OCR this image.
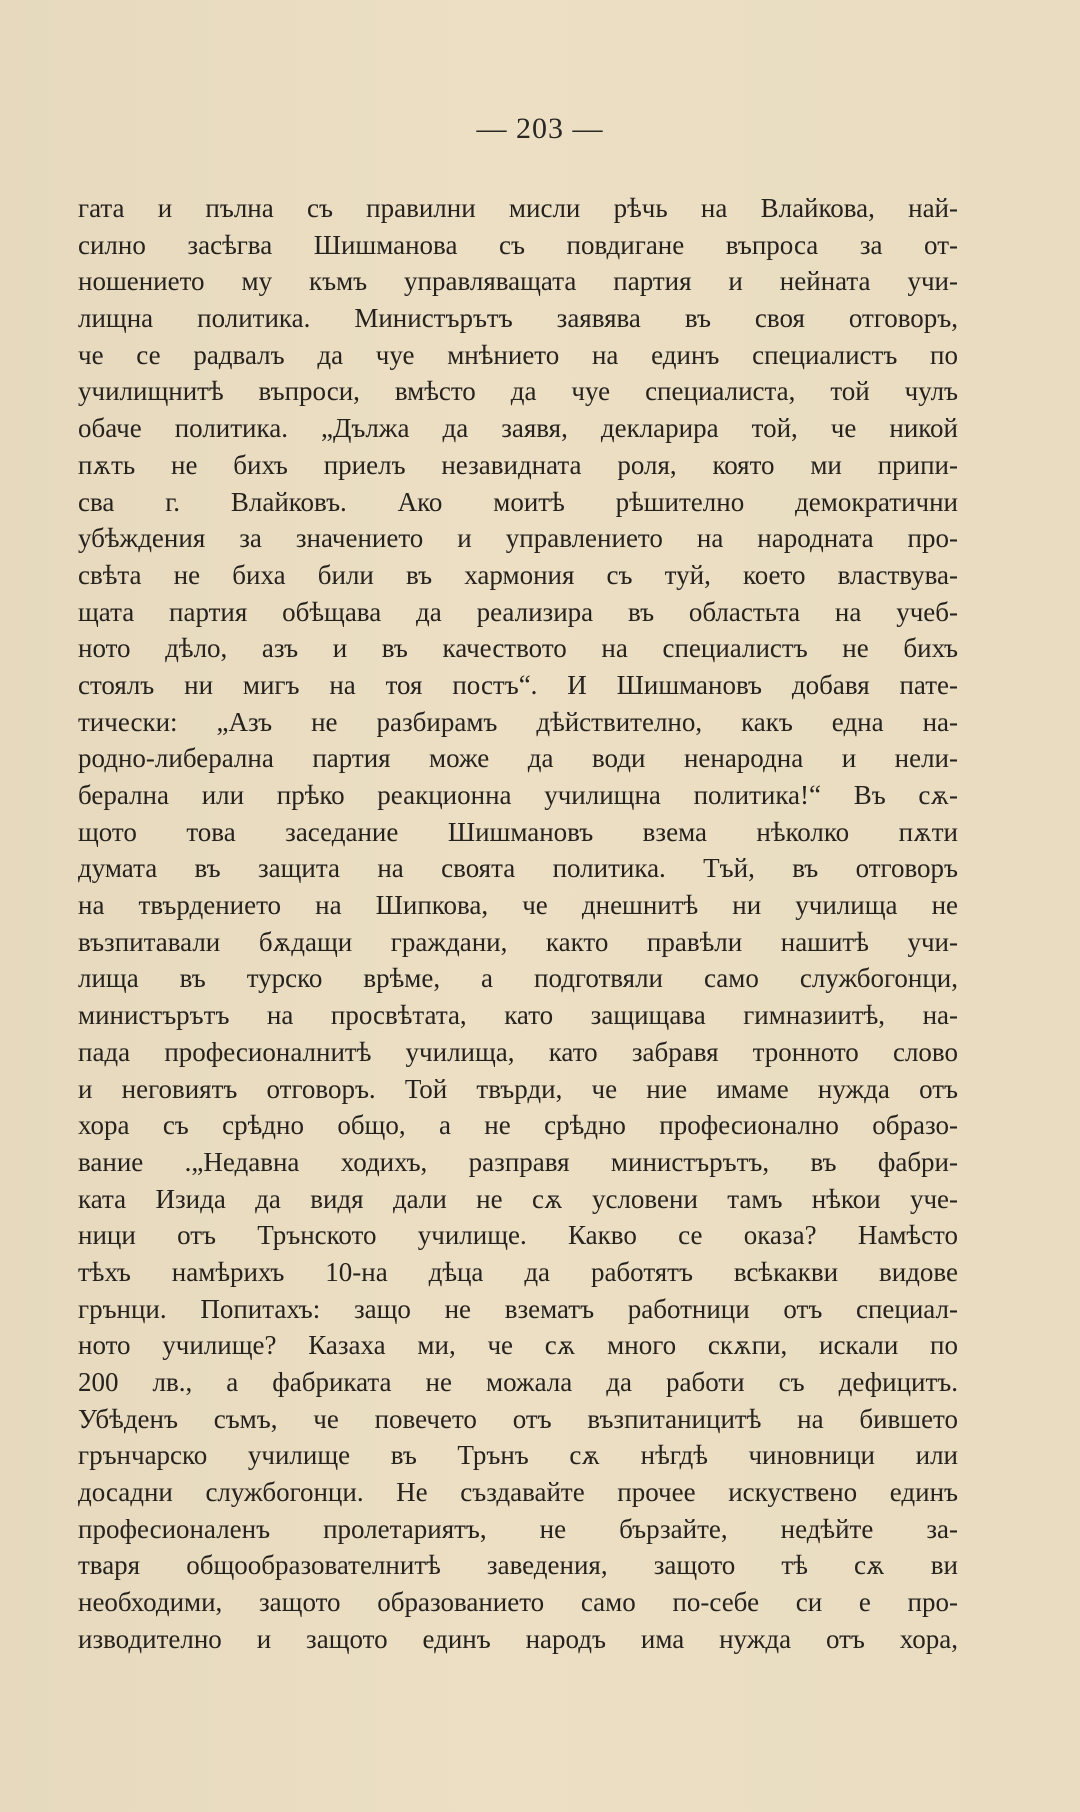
— 203 —
гата и пълна съ правилни мисли рѣчь на Влайкова, най-
силно засѣгва Шишманова съ повдигане въпроса за от-
ношението му къмъ управляващата партия и нейната учи-
лищна политика. Министърътъ заявява въ своя отговоръ,
че се радвалъ да чуе мнѣнието на единъ специалистъ по
училищнитѣ въпроси, вмѣсто да чуе специалиста, той чулъ
обаче политика. „Дължа да заявя, декларира той, че никой
пѫть не бихъ приелъ незавидната роля, която ми припи-
сва г. Влайковъ. Ако моитѣ рѣшително демократични
убѣждения за значението и управлението на народната про-
свѣта не биха били въ хармония съ туй, което властвува-
щата партия обѣщава да реализира въ областьта на учеб-
ното дѣло, азъ и въ качеството на специалистъ не бихъ
стоялъ ни мигъ на тоя постъ“. И Шишмановъ добавя пате-
тически: „Азъ не разбирамъ дѣйствително, какъ една на-
родно-либерална партия може да води ненародна и нели-
берална или прѣко реакционна училищна политика!“ Въ сѫ-
щото това заседание Шишмановъ взема нѣколко пѫти
думата въ защита на своята политика. Тъй, въ отговоръ
на твърдението на Шипкова, че днешнитѣ ни училища не
възпитавали бѫдащи граждани, както правѣли нашитѣ учи-
лища въ турско врѣме, а подготвяли само службогонци,
министърътъ на просвѣтата, като защищава гимназиитѣ, на-
пада професионалнитѣ училища, като забравя тронното слово
и неговиятъ отговоръ. Той твърди, че ние имаме нужда отъ
хора съ срѣдно общо, а не срѣдно професионално образо-
вание .„Недавна ходихъ, разправя министърътъ, въ фабри-
ката Изида да видя дали не сѫ условени тамъ нѣкои уче-
ници отъ Трънското училище. Какво се оказа? Намѣсто
тѣхъ намѣрихъ 10-на дѣца да работятъ всѣкакви видове
грънци. Попитахъ: защо не взематъ работници отъ специал-
ното училище? Казаха ми, че сѫ много скѫпи, искали по
200 лв., а фабриката не можала да работи съ дефицитъ.
Убѣденъ съмъ, че повечето отъ възпитаницитѣ на бившето
грънчарско училище въ Трънъ сѫ нѣгдѣ чиновници или
досадни службогонци. Не създавайте прочее искуствено единъ
професионаленъ пролетариятъ, не бързайте, недѣйте за-
тваря общообразователнитѣ заведения, защото тѣ сѫ ви
необходими, защото образованието само по-себе си е про-
изводително и защото единъ народъ има нужда отъ хора,
